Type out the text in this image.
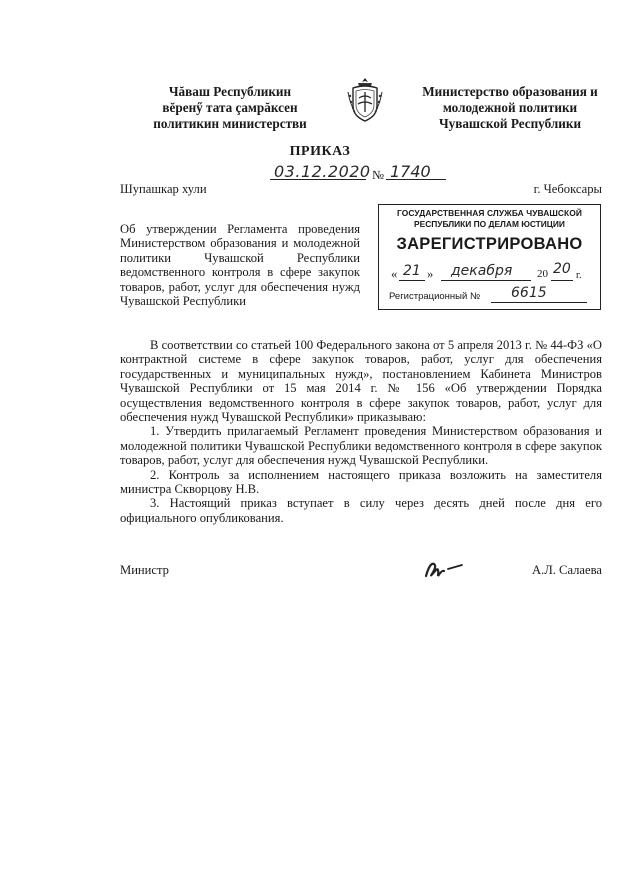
Чăваш Республикин
вĕренӳ тата çамрăксен
политикин министерстви
Министерство образования и
молодежной политики
Чувашской Республики
ПРИКАЗ
03.12.2020 № 1740
Шупашкар хули	г. Чебоксары
Об утверждении Регламента проведения
Министерством образования и молодежной
политики Чувашской Республики
ведомственного контроля в сфере закупок
товаров, работ, услуг для обеспечения нужд
Чувашской Республики
ГОСУДАРСТВЕННАЯ СЛУЖБА ЧУВАШСКОЙ
РЕСПУБЛИКИ ПО ДЕЛАМ ЮСТИЦИИ
ЗАРЕГИСТРИРОВАНО
« 21 » декабря 20 20 г.
Регистрационный № 6615

В соответствии со статьей 100 Федерального закона от 5 апреля 2013 г. № 44-ФЗ «О контрактной системе в сфере закупок товаров, работ, услуг для обеспечения государственных и муниципальных нужд», постановлением Кабинета Министров Чувашской Республики от 15 мая 2014 г. № 156 «Об утверждении Порядка осуществления ведомственного контроля в сфере закупок товаров, работ, услуг для обеспечения нужд Чувашской Республики» приказываю:

1. Утвердить прилагаемый Регламент проведения Министерством образования и молодежной политики Чувашской Республики ведомственного контроля в сфере закупок товаров, работ, услуг для обеспечения нужд Чувашской Республики.

2. Контроль за исполнением настоящего приказа возложить на заместителя министра Скворцову Н.В.

3. Настоящий приказ вступает в силу через десять дней после дня его официального опубликования.

Министр	А.Л. Салаева
